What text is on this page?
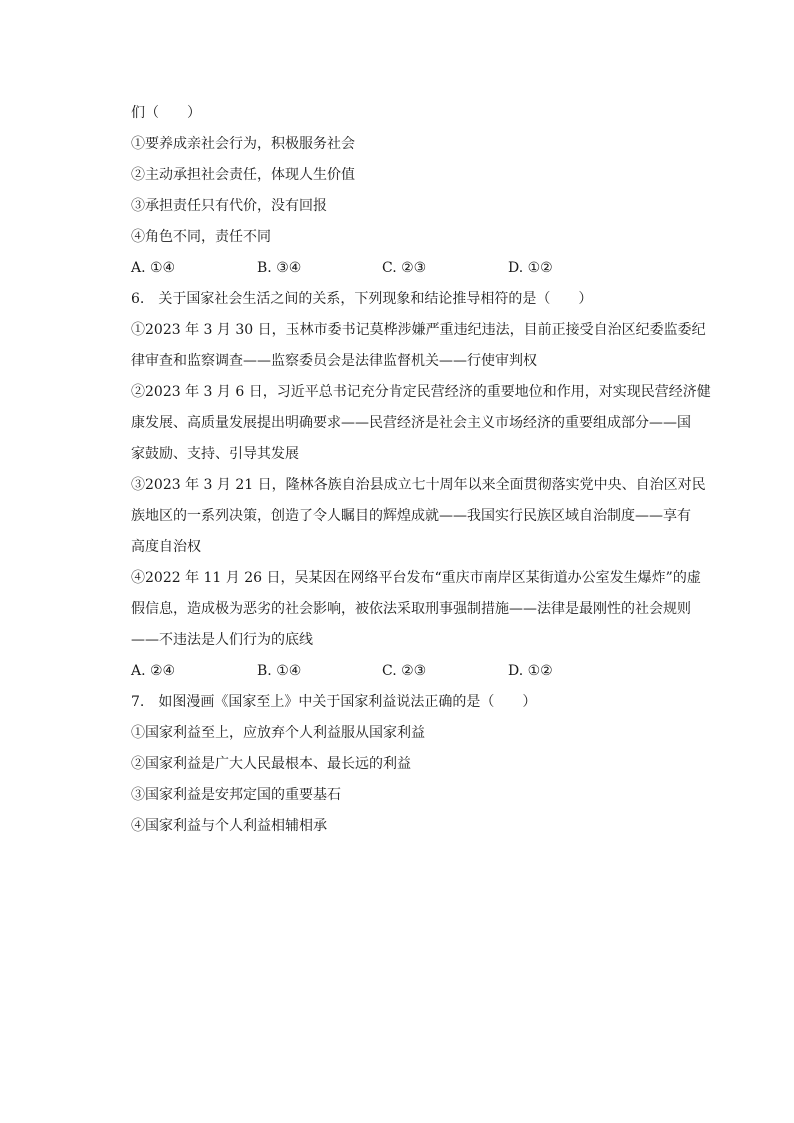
们（　　）
①要养成亲社会行为，积极服务社会
②主动承担社会责任，体现人生价值
③承担责任只有代价，没有回报
④角色不同，责任不同
A. ①④	B. ③④	C. ②③	D. ①②
6.　关于国家社会生活之间的关系，下列现象和结论推导相符的是（　　）
①2023 年 3 月 30 日，玉林市委书记莫桦涉嫌严重违纪违法，目前正接受自治区纪委监委纪
律审查和监察调查——监察委员会是法律监督机关——行使审判权
②2023 年 3 月 6 日，习近平总书记充分肯定民营经济的重要地位和作用，对实现民营经济健
康发展、高质量发展提出明确要求——民营经济是社会主义市场经济的重要组成部分——国
家鼓励、支持、引导其发展
③2023 年 3 月 21 日，隆林各族自治县成立七十周年以来全面贯彻落实党中央、自治区对民
族地区的一系列决策，创造了令人瞩目的辉煌成就——我国实行民族区域自治制度——享有
高度自治权
④2022 年 11 月 26 日，吴某因在网络平台发布“重庆市南岸区某街道办公室发生爆炸”的虚
假信息，造成极为恶劣的社会影响，被依法采取刑事强制措施——法律是最刚性的社会规则
——不违法是人们行为的底线
A. ②④	B. ①④	C. ②③	D. ①②
7.　如图漫画《国家至上》中关于国家利益说法正确的是（　　）
①国家利益至上，应放弃个人利益服从国家利益
②国家利益是广大人民最根本、最长远的利益
③国家利益是安邦定国的重要基石
④国家利益与个人利益相辅相承
